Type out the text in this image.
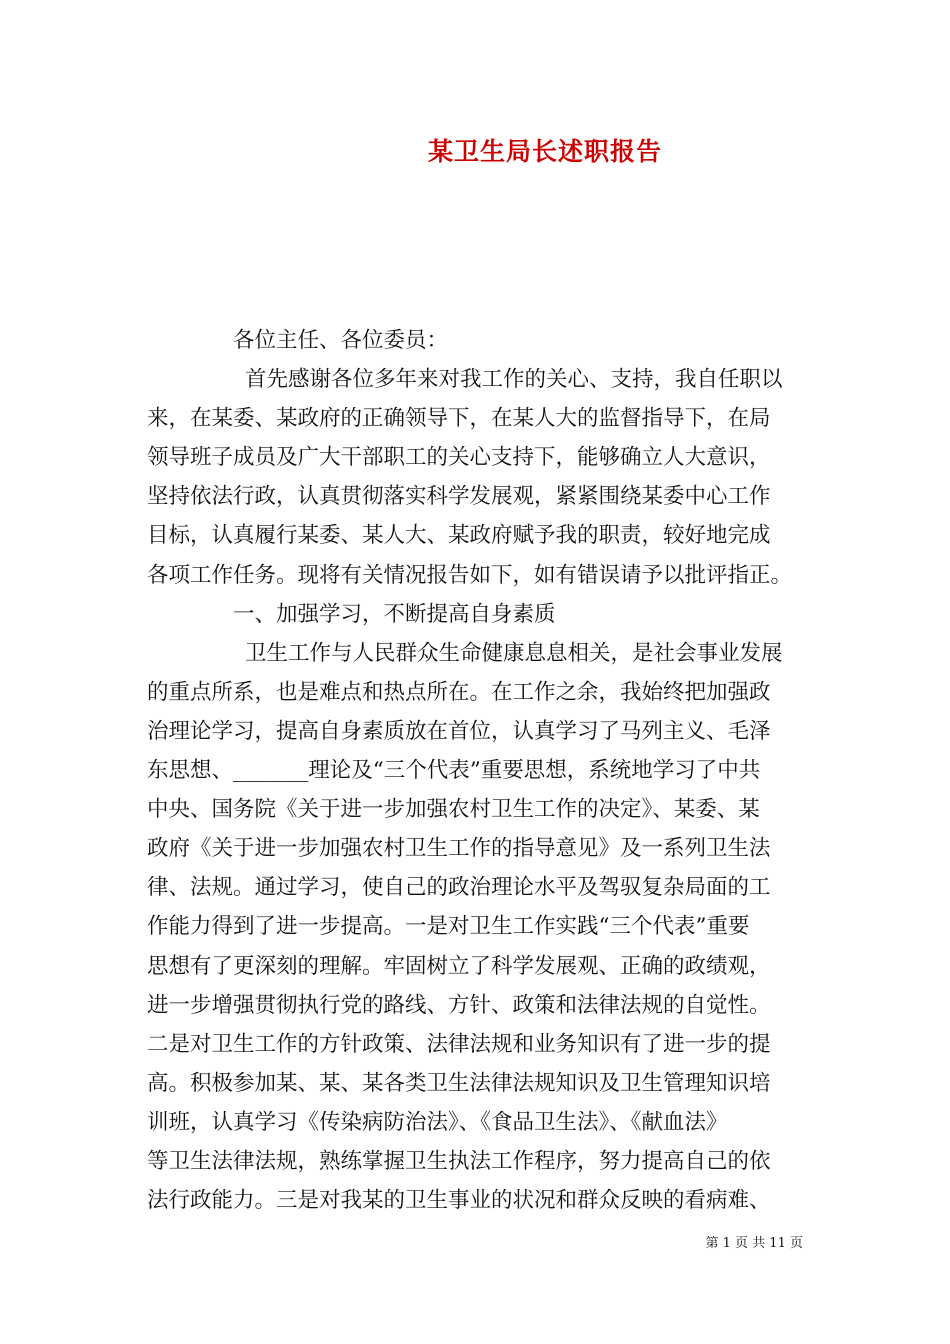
某卫生局长述职报告
各位主任、各位委员：
首先感谢各位多年来对我工作的关心、支持，我自任职以
来，在某委、某政府的正确领导下，在某人大的监督指导下，在局
领导班子成员及广大干部职工的关心支持下，能够确立人大意识，
坚持依法行政，认真贯彻落实科学发展观，紧紧围绕某委中心工作
目标，认真履行某委、某人大、某政府赋予我的职责，较好地完成
各项工作任务。现将有关情况报告如下，如有错误请予以批评指正。
一、加强学习，不断提高自身素质
卫生工作与人民群众生命健康息息相关，是社会事业发展
的重点所系，也是难点和热点所在。在工作之余，我始终把加强政
治理论学习，提高自身素质放在首位，认真学习了马列主义、毛泽
东思想、_______理论及“三个代表”重要思想，系统地学习了中共
中央、国务院《关于进一步加强农村卫生工作的决定》、某委、某
政府《关于进一步加强农村卫生工作的指导意见》及一系列卫生法
律、法规。通过学习，使自己的政治理论水平及驾驭复杂局面的工
作能力得到了进一步提高。一是对卫生工作实践“三个代表”重要
思想有了更深刻的理解。牢固树立了科学发展观、正确的政绩观，
进一步增强贯彻执行党的路线、方针、政策和法律法规的自觉性。
二是对卫生工作的方针政策、法律法规和业务知识有了进一步的提
高。积极参加某、某、某各类卫生法律法规知识及卫生管理知识培
训班，认真学习《传染病防治法》、《食品卫生法》、《献血法》
等卫生法律法规，熟练掌握卫生执法工作程序，努力提高自己的依
法行政能力。三是对我某的卫生事业的状况和群众反映的看病难、
第 1 页 共 11 页
